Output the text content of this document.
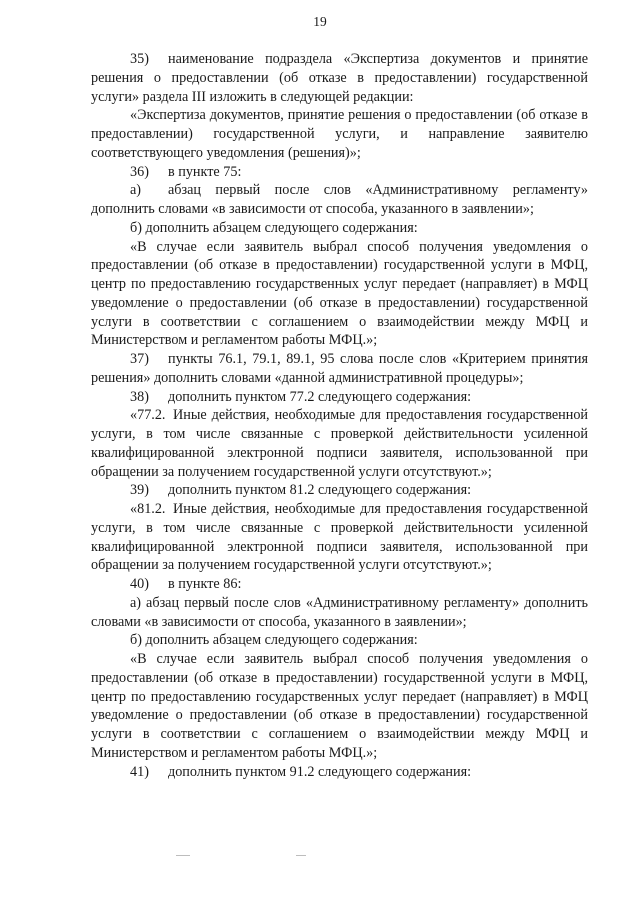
19

35) наименование подраздела «Экспертиза документов и принятие решения о предоставлении (об отказе в предоставлении) государственной услуги» раздела III изложить в следующей редакции:

«Экспертиза документов, принятие решения о предоставлении (об отказе в предоставлении) государственной услуги, и направление заявителю соответствующего уведомления (решения)»;

36) в пункте 75:

а) абзац первый после слов «Административному регламенту» дополнить словами «в зависимости от способа, указанного в заявлении»;

б) дополнить абзацем следующего содержания:

«В случае если заявитель выбрал способ получения уведомления о предоставлении (об отказе в предоставлении) государственной услуги в МФЦ, центр по предоставлению государственных услуг передает (направляет) в МФЦ уведомление о предоставлении (об отказе в предоставлении) государственной услуги в соответствии с соглашением о взаимодействии между МФЦ и Министерством и регламентом работы МФЦ.»;

37) пункты 76.1, 79.1, 89.1, 95 слова после слов «Критерием принятия решения» дополнить словами «данной административной процедуры»;

38) дополнить пунктом 77.2 следующего содержания:

«77.2. Иные действия, необходимые для предоставления государственной услуги, в том числе связанные с проверкой действительности усиленной квалифицированной электронной подписи заявителя, использованной при обращении за получением государственной услуги отсутствуют.»;

39) дополнить пунктом 81.2 следующего содержания:

«81.2. Иные действия, необходимые для предоставления государственной услуги, в том числе связанные с проверкой действительности усиленной квалифицированной электронной подписи заявителя, использованной при обращении за получением государственной услуги отсутствуют.»;

40) в пункте 86:

а) абзац первый после слов «Административному регламенту» дополнить словами «в зависимости от способа, указанного в заявлении»;

б) дополнить абзацем следующего содержания:

«В случае если заявитель выбрал способ получения уведомления о предоставлении (об отказе в предоставлении) государственной услуги в МФЦ, центр по предоставлению государственных услуг передает (направляет) в МФЦ уведомление о предоставлении (об отказе в предоставлении) государственной услуги в соответствии с соглашением о взаимодействии между МФЦ и Министерством и регламентом работы МФЦ.»;

41) дополнить пунктом 91.2 следующего содержания:
